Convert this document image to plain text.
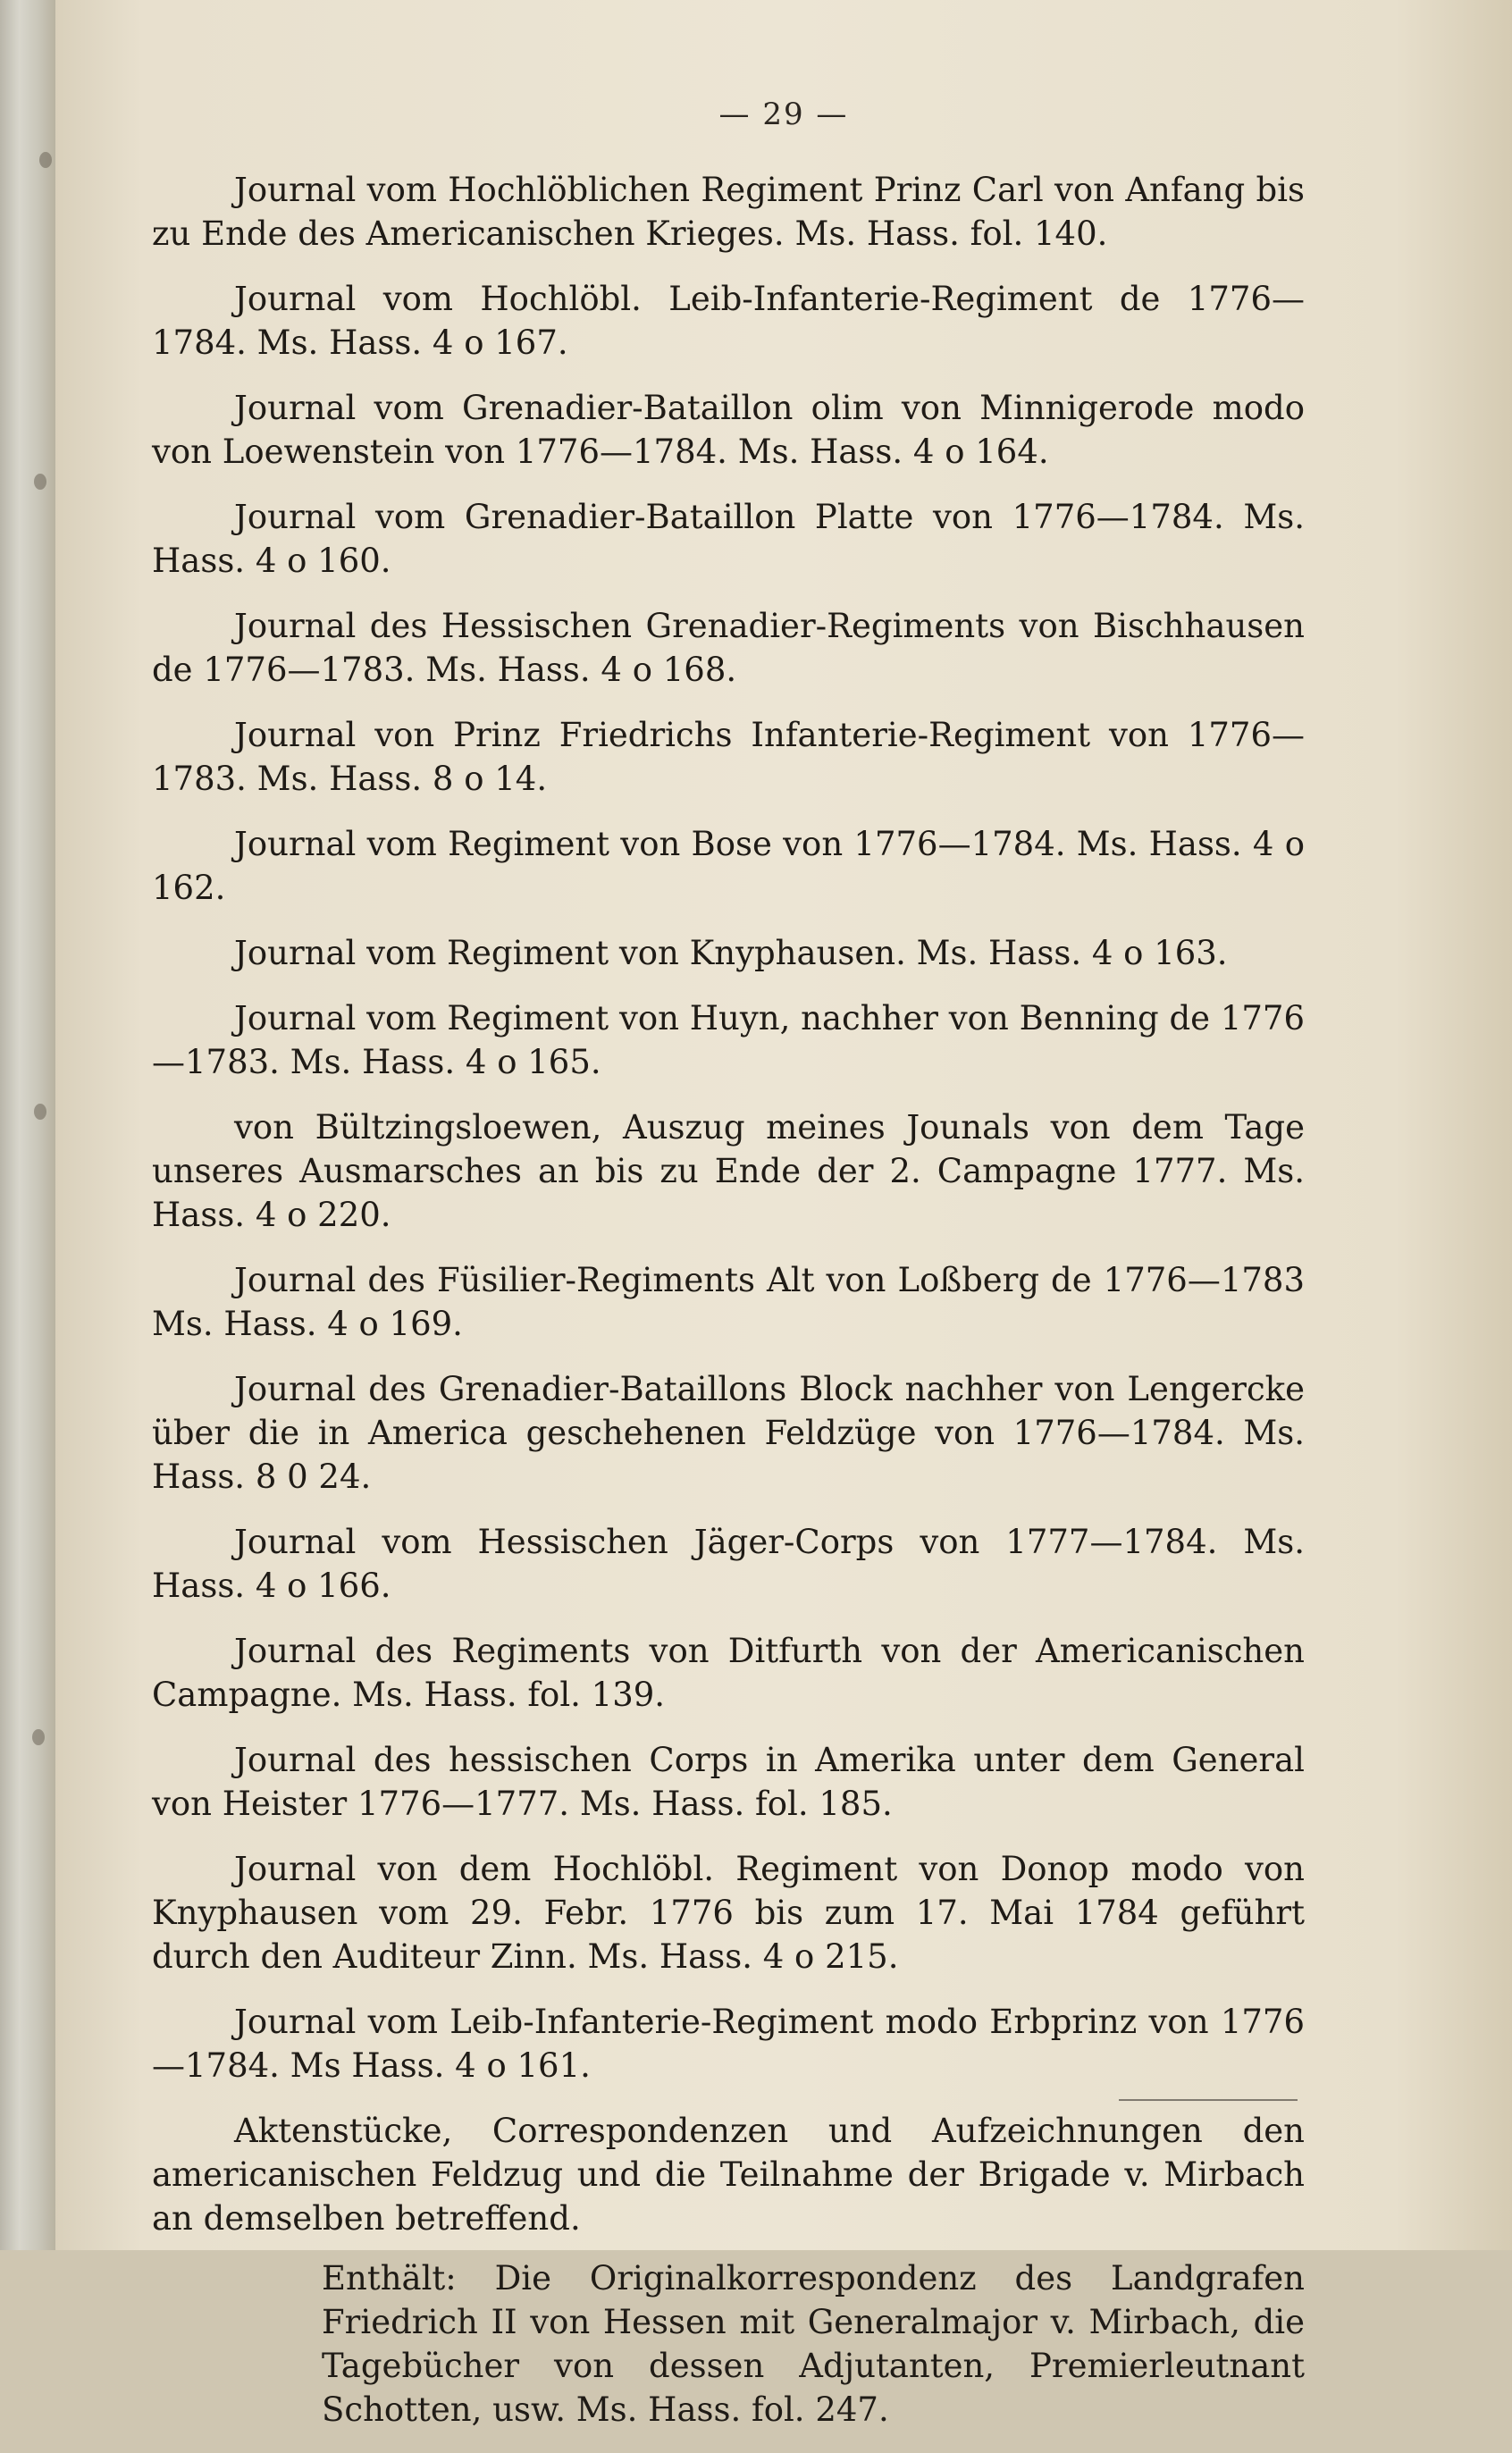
— 29 —

Journal vom Hochlöblichen Regiment Prinz Carl von Anfang bis zu Ende des Americanischen Krieges. Ms. Hass. fol. 140.

Journal vom Hochlöbl. Leib-Infanterie-Regiment de 1776—1784. Ms. Hass. 4 o 167.

Journal vom Grenadier-Bataillon olim von Minnigerode modo von Loewenstein von 1776—1784. Ms. Hass. 4 o 164.

Journal vom Grenadier-Bataillon Platte von 1776—1784. Ms. Hass. 4 o 160.

Journal des Hessischen Grenadier-Regiments von Bischhausen de 1776—1783. Ms. Hass. 4 o 168.

Journal von Prinz Friedrichs Infanterie-Regiment von 1776—1783. Ms. Hass. 8 o 14.

Journal vom Regiment von Bose von 1776—1784. Ms. Hass. 4 o 162.

Journal vom Regiment von Knyphausen. Ms. Hass. 4 o 163.

Journal vom Regiment von Huyn, nachher von Benning de 1776—1783. Ms. Hass. 4 o 165.

von Bültzingsloewen, Auszug meines Jounals von dem Tage unseres Ausmarsches an bis zu Ende der 2. Campagne 1777. Ms. Hass. 4 o 220.

Journal des Füsilier-Regiments Alt von Loßberg de 1776—1783 Ms. Hass. 4 o 169.

Journal des Grenadier-Bataillons Block nachher von Lengercke über die in America geschehenen Feldzüge von 1776—1784. Ms. Hass. 8 0 24.

Journal vom Hessischen Jäger-Corps von 1777—1784. Ms. Hass. 4 o 166.

Journal des Regiments von Ditfurth von der Americanischen Campagne. Ms. Hass. fol. 139.

Journal des hessischen Corps in Amerika unter dem General von Heister 1776—1777. Ms. Hass. fol. 185.

Journal von dem Hochlöbl. Regiment von Donop modo von Knyphausen vom 29. Febr. 1776 bis zum 17. Mai 1784 geführt durch den Auditeur Zinn. Ms. Hass. 4 o 215.

Journal vom Leib-Infanterie-Regiment modo Erbprinz von 1776—1784. Ms Hass. 4 o 161.

Aktenstücke, Correspondenzen und Aufzeichnungen den americanischen Feldzug und die Teilnahme der Brigade v. Mirbach an demselben betreffend.

Enthält: Die Originalkorrespondenz des Landgrafen Friedrich II von Hessen mit Generalmajor v. Mirbach, die Tagebücher von dessen Adjutanten, Premierleutnant Schotten, usw. Ms. Hass. fol. 247.
